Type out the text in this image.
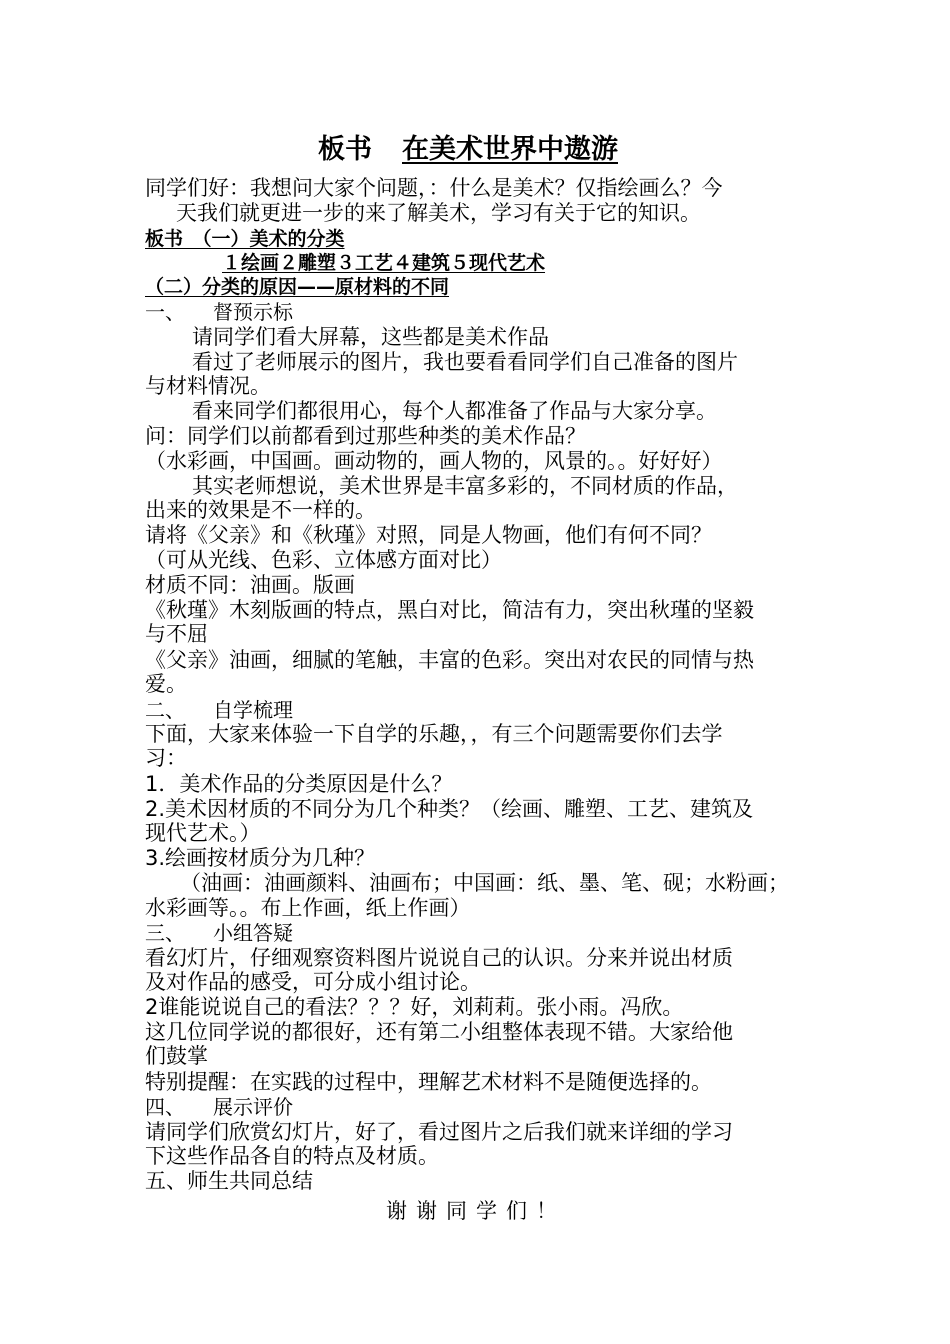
板书 在美术世界中遨游
同学们好：我想问大家个问题，：什么是美术？仅指绘画么？今
天我们就更进一步的来了解美术，学习有关于它的知识。
板书　（一）美术的分类
１绘画２雕塑３工艺４建筑５现代艺术
（二）分类的原因——原材料的不同
一、 督预示标
请同学们看大屏幕，这些都是美术作品
看过了老师展示的图片，我也要看看同学们自己准备的图片
与材料情况。
看来同学们都很用心，每个人都准备了作品与大家分享。
问：同学们以前都看到过那些种类的美术作品？
（水彩画，中国画。画动物的，画人物的，风景的。。好好好）
其实老师想说，美术世界是丰富多彩的，不同材质的作品，
出来的效果是不一样的。
请将《父亲》和《秋瑾》对照，同是人物画，他们有何不同？
（可从光线、色彩、立体感方面对比）
材质不同：油画。版画
《秋瑾》木刻版画的特点，黑白对比，简洁有力，突出秋瑾的坚毅
与不屈
《父亲》油画，细腻的笔触，丰富的色彩。突出对农民的同情与热
爱。
二、 自学梳理
下面，大家来体验一下自学的乐趣，，有三个问题需要你们去学
习：
1．美术作品的分类原因是什么？
2.美术因材质的不同分为几个种类？（绘画、雕塑、工艺、建筑及
现代艺术。）
3.绘画按材质分为几种？
（油画：油画颜料、油画布；中国画：纸、墨、笔、砚；水粉画；
水彩画等。。布上作画，纸上作画）
三、 小组答疑
看幻灯片，仔细观察资料图片说说自己的认识。分来并说出材质
及对作品的感受，可分成小组讨论。
2谁能说说自己的看法？？？好，刘莉莉。张小雨。冯欣。
这几位同学说的都很好，还有第二小组整体表现不错。大家给他
们鼓掌
特别提醒：在实践的过程中，理解艺术材料不是随便选择的。
四、 展示评价
请同学们欣赏幻灯片，好了，看过图片之后我们就来详细的学习
下这些作品各自的特点及材质。
五、师生共同总结
谢谢同学们！
